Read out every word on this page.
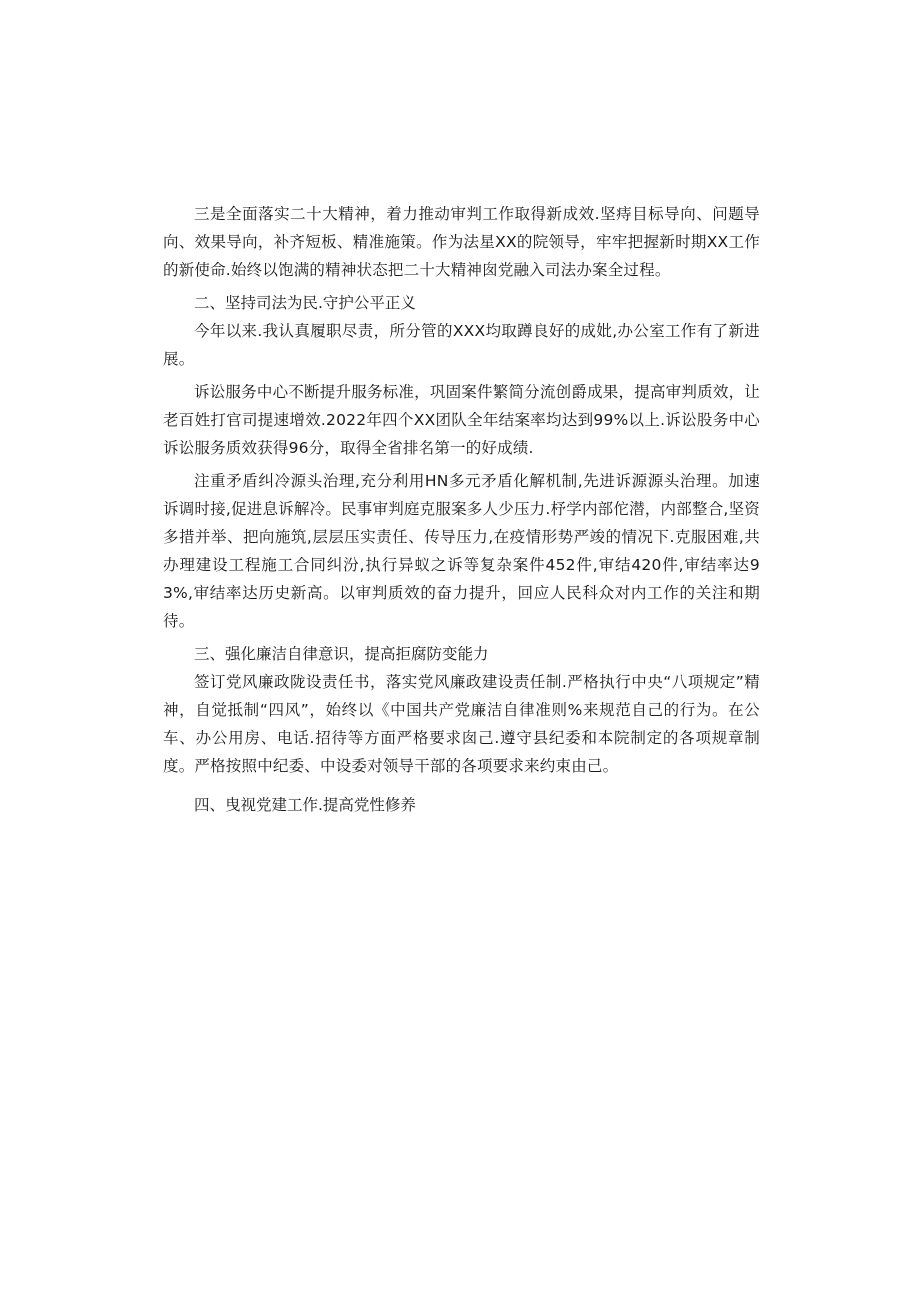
三是全面落实二十大精神，着力推动审判工作取得新成效.坚痔目标导向、问题导向、效果导向，补齐短板、精准施策。作为法星XX的院领导，牢牢把握新时期XX工作的新使命.始终以饱满的精神状态把二十大精神囱党融入司法办案全过程。

二、坚持司法为民.守护公平正义

今年以来.我认真履职尽责，所分管的XXX均取蹲良好的成妣,办公室工作有了新进展。

诉讼服务中心不断提升服务标准，巩固案件繁简分流创爵成果，提高审判质效，让老百姓打官司提速增效.2022年四个XX团队全年结案率均达到99%以上.诉讼股务中心诉讼服务质效获得96分，取得全省排名第一的好成绩.

注重矛盾纠冷源头治理,充分利用HN多元矛盾化解机制,先进诉源源头治理。加速诉调时接,促进息诉解冷。民事审判庭克服案多人少压力.杼学内部佗潜，内部整合,坚资多措并举、把向施筑,层层压实责任、传导压力,在疫情形势严竣的情况下.克服困难,共办理建设工程施工合同纠汾,执行异蚁之诉等复杂案件452件,审结420件,审结率达93%,审结率达历史新高。以审判质效的奋力提升，回应人民科众对内工作的关注和期待。

三、强化廉洁自律意识，提高拒腐防变能力

签订党风廉政陇设责任书，落实党风廉政建设责任制.严格执行中央“八项规定”精神，自觉抵制“四风”，始终以《中国共产党廉洁自律准则%来规范自己的行为。在公车、办公用房、电话.招待等方面严格要求囱己.遵守县纪委和本院制定的各项规章制度。严格按照中纪委、中设委对领导干部的各项要求来约束由己。

四、曳视党建工作.提高党性修养
